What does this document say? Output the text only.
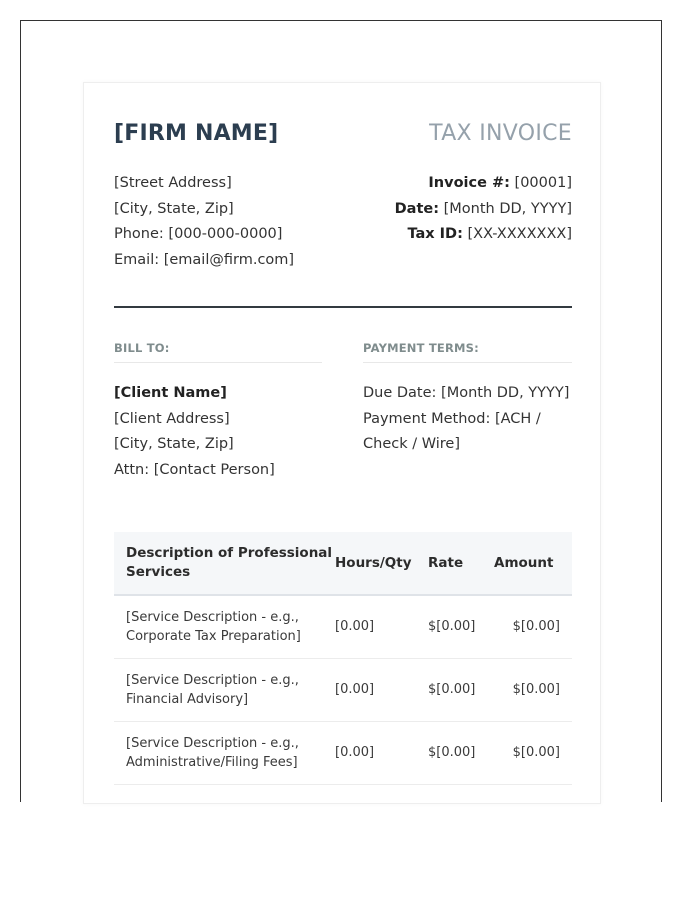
[FIRM NAME]	TAX INVOICE
[Street Address]
[City, State, Zip]
Phone: [000-000-0000]
Email: [email@firm.com]
Invoice #: [00001]
Date: [Month DD, YYYY]
Tax ID: [XX-XXXXXXX]
BILL TO:
[Client Name]
[Client Address]
[City, State, Zip]
Attn: [Contact Person]
PAYMENT TERMS:
Due Date: [Month DD, YYYY]
Payment Method: [ACH /
Check / Wire]
Description of Professional
Services	Hours/Qty	Rate	Amount

[Service Description - e.g.,
Corporate Tax Preparation]	[0.00]	$[0.00]	$[0.00]

[Service Description - e.g.,
Financial Advisory]	[0.00]	$[0.00]	$[0.00]

[Service Description - e.g.,
Administrative/Filing Fees]	[0.00]	$[0.00]	$[0.00]
